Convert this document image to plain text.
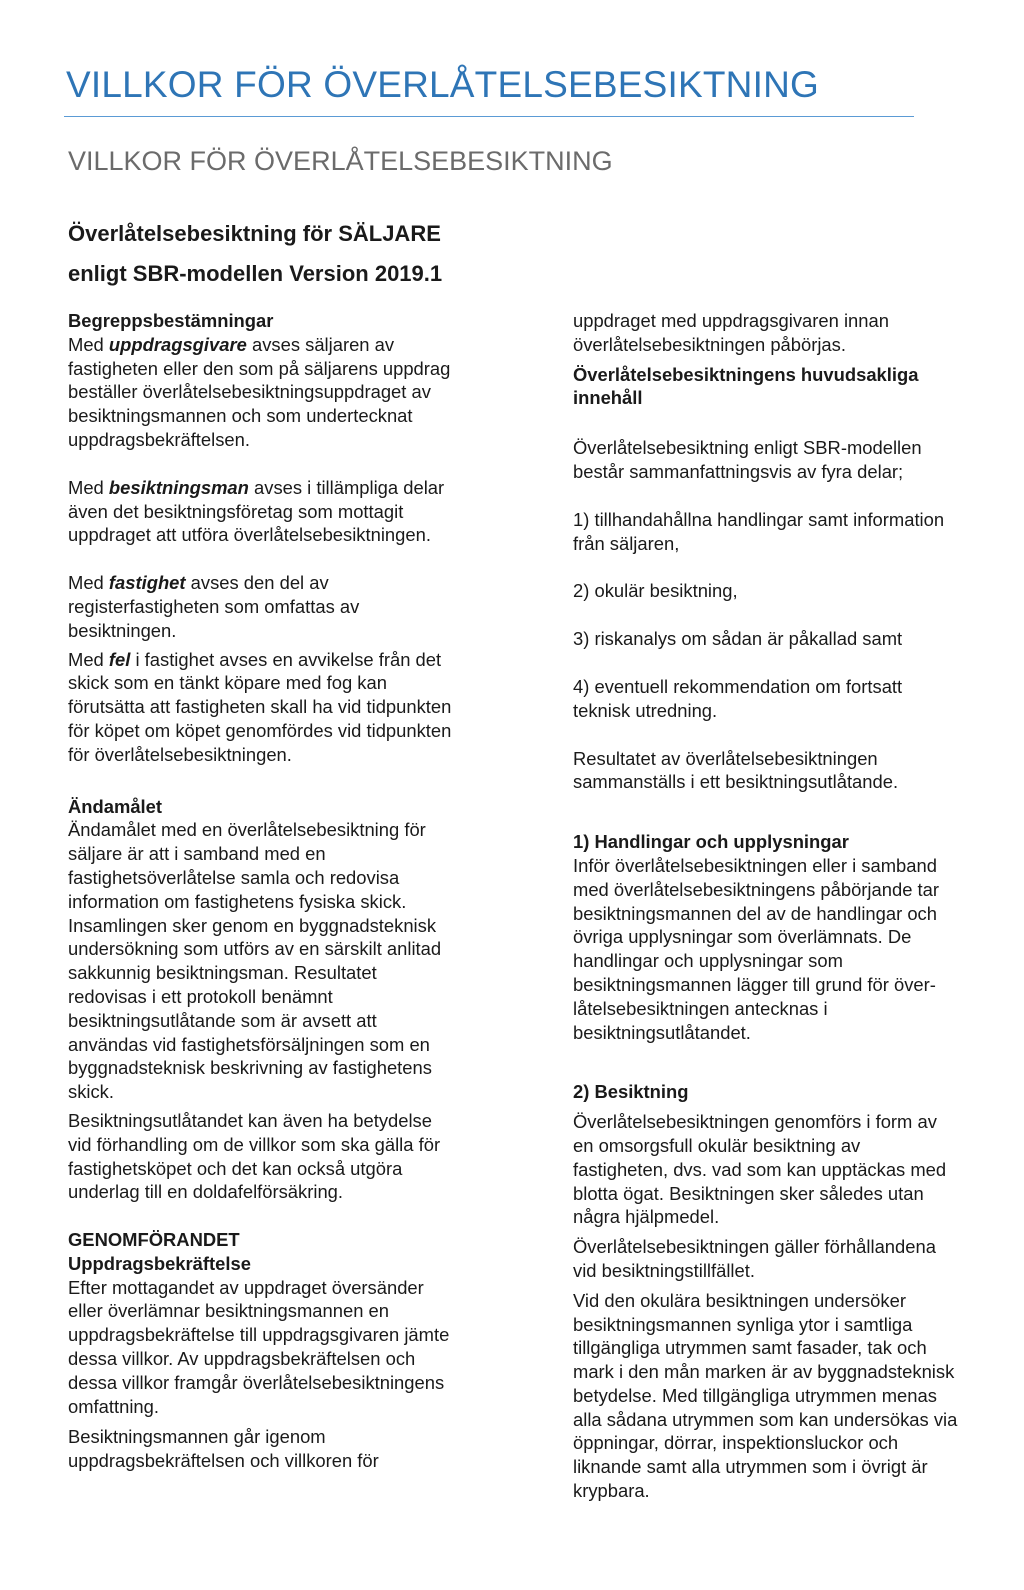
VILLKOR FÖR ÖVERLÅTELSEBESIKTNING
VILLKOR FÖR ÖVERLÅTELSEBESIKTNING
Överlåtelsebesiktning för SÄLJARE
enligt SBR-modellen Version 2019.1

Begreppsbestämningar

Med uppdragsgivare avses säljaren av
fastigheten eller den som på säljarens uppdrag
beställer överlåtelsebesiktningsuppdraget av
besiktningsmannen och som undertecknat
uppdragsbekräftelsen.

Med besiktningsman avses i tillämpliga delar
även det besiktningsföretag som mottagit
uppdraget att utföra överlåtelsebesiktningen.

Med fastighet avses den del av
registerfastigheten som omfattas av
besiktningen.

Med fel i fastighet avses en avvikelse från det
skick som en tänkt köpare med fog kan
förutsätta att fastigheten skall ha vid tidpunkten
för köpet om köpet genomfördes vid tidpunkten
för överlåtelsebesiktningen.

Ändamålet

Ändamålet med en överlåtelsebesiktning för
säljare är att i samband med en
fastighetsöverlåtelse samla och redovisa
information om fastighetens fysiska skick.
Insamlingen sker genom en byggnadsteknisk
undersökning som utförs av en särskilt anlitad
sakkunnig besiktningsman. Resultatet
redovisas i ett protokoll benämnt
besiktningsutlåtande som är avsett att
användas vid fastighetsförsäljningen som en
byggnadsteknisk beskrivning av fastighetens
skick.

Besiktningsutlåtandet kan även ha betydelse
vid förhandling om de villkor som ska gälla för
fastighetsköpet och det kan också utgöra
underlag till en doldafelförsäkring.

GENOMFÖRANDET

Uppdragsbekräftelse

Efter mottagandet av uppdraget översänder
eller överlämnar besiktningsmannen en
uppdragsbekräftelse till uppdragsgivaren jämte
dessa villkor. Av uppdragsbekräftelsen och
dessa villkor framgår överlåtelsebesiktningens
omfattning.

Besiktningsmannen går igenom
uppdragsbekräftelsen och villkoren för

uppdraget med uppdragsgivaren innan
överlåtelsebesiktningen påbörjas.

Överlåtelsebesiktningens huvudsakliga
innehåll

Överlåtelsebesiktning enligt SBR-modellen
består sammanfattningsvis av fyra delar;

1) tillhandahållna handlingar samt information
från säljaren,

2) okulär besiktning,

3) riskanalys om sådan är påkallad samt

4) eventuell rekommendation om fortsatt
teknisk utredning.

Resultatet av överlåtelsebesiktningen
sammanställs i ett besiktningsutlåtande.

1) Handlingar och upplysningar

Inför överlåtelsebesiktningen eller i samband
med överlåtelsebesiktningens påbörjande tar
besiktningsmannen del av de handlingar och
övriga upplysningar som överlämnats. De
handlingar och upplysningar som
besiktningsmannen lägger till grund för över-
låtelsebesiktningen antecknas i
besiktningsutlåtandet.

2) Besiktning

Överlåtelsebesiktningen genomförs i form av
en omsorgsfull okulär besiktning av
fastigheten, dvs. vad som kan upptäckas med
blotta ögat. Besiktningen sker således utan
några hjälpmedel.

Överlåtelsebesiktningen gäller förhållandena
vid besiktningstillfället.

Vid den okulära besiktningen undersöker
besiktningsmannen synliga ytor i samtliga
tillgängliga utrymmen samt fasader, tak och
mark i den mån marken är av byggnadsteknisk
betydelse. Med tillgängliga utrymmen menas
alla sådana utrymmen som kan undersökas via
öppningar, dörrar, inspektionsluckor och
liknande samt alla utrymmen som i övrigt är
krypbara.
